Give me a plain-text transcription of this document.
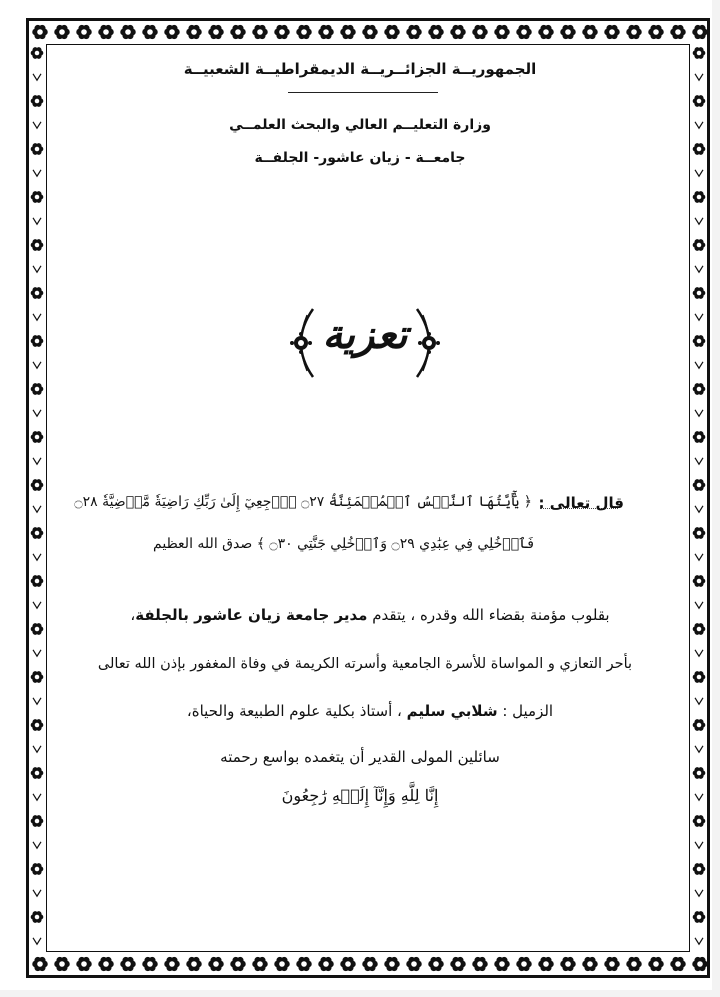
الجمهوريــة الجزائــريــة الديمقراطيــة الشعبيــة
وزارة التعليــم العالي والبحث العلمــي
جامعــة - زيان عاشور- الجلفــة
تعزية
قال تعالى :
﴿ يَٰٓأَيَّتُهَا ٱلنَّفۡسُ ٱلۡمُطۡمَئِنَّةُ ۝٢٧ ٱرۡجِعِيٓ إِلَىٰ رَبِّكِ رَاضِيَةٗ مَّرۡضِيَّةٗ ۝٢٨
فَٱدۡخُلِي فِي عِبَٰدِي ۝٢٩ وَٱدۡخُلِي جَنَّتِي ۝٣٠ ﴾ صدق الله العظيم
بقلوب مؤمنة بقضاء الله وقدره ، يتقدم مدير جامعة زيان عاشور بالجلفة،
بأحر التعازي و المواساة للأسرة الجامعية وأسرته الكريمة في وفاة المغفور بإذن الله تعالى
الزميل : شلابي سليم ، أستاذ بكلية علوم الطبيعة والحياة،
سائلين المولى القدير أن يتغمده بواسع رحمته
إِنَّا لِلَّهِ وَإِنَّآ إِلَيۡهِ رَٰجِعُونَ
